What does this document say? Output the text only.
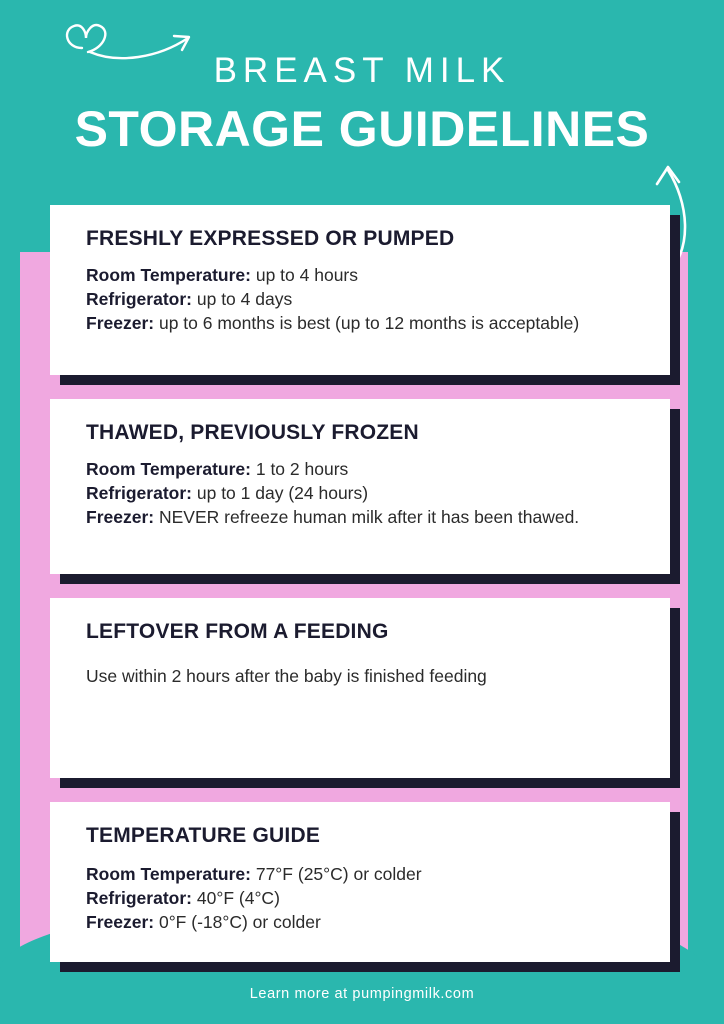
BREAST MILK
STORAGE GUIDELINES
FRESHLY EXPRESSED OR PUMPED

Room Temperature: up to 4 hours

Refrigerator: up to 4 days

Freezer: up to 6 months is best (up to 12 months is acceptable)

THAWED, PREVIOUSLY FROZEN

Room Temperature: 1 to 2 hours

Refrigerator: up to 1 day (24 hours)

Freezer: NEVER refreeze human milk after it has been thawed.

LEFTOVER FROM A FEEDING

Use within 2 hours after the baby is finished feeding

TEMPERATURE GUIDE

Room Temperature: 77°F (25°C) or colder

Refrigerator: 40°F (4°C)

Freezer: 0°F (-18°C) or colder

Learn more at pumpingmilk.com
